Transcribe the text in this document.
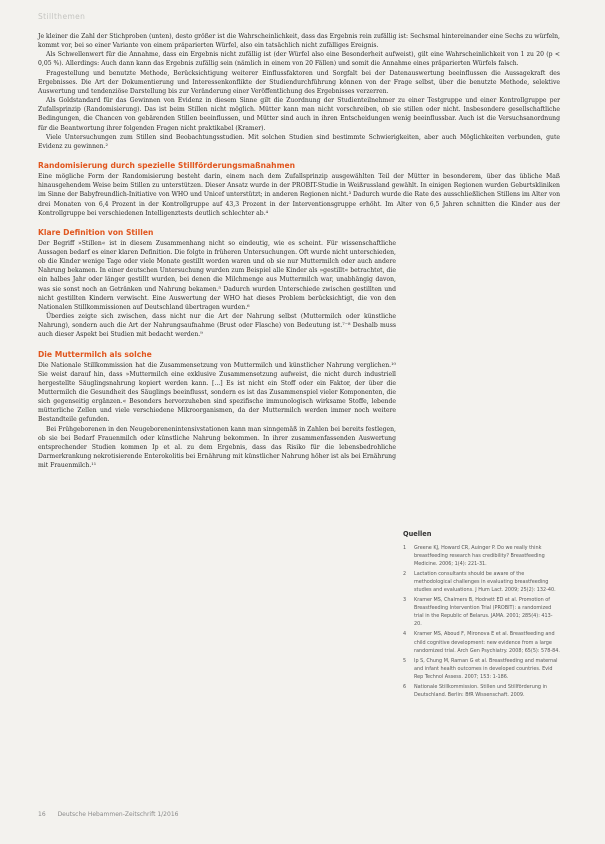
Stillthemen

Je kleiner die Zahl der Stichproben (unten), desto größer ist die Wahrscheinlichkeit, dass das Ergebnis rein zufällig ist: Sechsmal hintereinander eine Sechs zu würfeln, kommt vor, bei so einer Variante von einem präparierten Würfel, also ein tatsächlich nicht zufälliges Ereignis.

Als Schwellenwert für die Annahme, dass ein Ergebnis nicht zufällig ist (der Würfel also eine Besonderheit aufweist), gilt eine Wahrscheinlichkeit von 1 zu 20 (p < 0,05 %). Allerdings: Auch dann kann das Ergebnis zufällig sein (nämlich in einem von 20 Fällen) und somit die Annahme eines präparierten Würfels falsch.

Fragestellung und benutzte Methode, Berücksichtigung weiterer Einflussfaktoren und Sorgfalt bei der Datenauswertung beeinflussen die Aussagekraft des Ergebnisses. Die Art der Dokumentierung und Interessenkonflikte der Studiendurchführung können von der Frage selbst, über die benutzte Methode, selektive Auswertung und tendenziöse Darstellung bis zur Veränderung einer Veröffentlichung des Ergebnisses verzerren.

Als Goldstandard für das Gewinnen von Evidenz in diesem Sinne gilt die Zuordnung der Studienteilnehmer zu einer Testgruppe und einer Kontrollgruppe per Zufallsprinzip (Randomisierung). Das ist beim Stillen nicht möglich. Mütter kann man nicht vorschreiben, ob sie stillen oder nicht. Insbesondere gesellschaftliche Bedingungen, die Chancen von gebärenden Stillen beeinflussen, und Mütter sind auch in ihren Entscheidungen wenig beeinflussbar. Auch ist die Versuchsanordnung für die Beantwortung ihrer folgenden Fragen nicht praktikabel (Kramer).

Viele Untersuchungen zum Stillen sind Beobachtungsstudien. Mit solchen Studien sind bestimmte Schwierigkeiten, aber auch Möglichkeiten verbunden, gute Evidenz zu gewinnen.²

Randomisierung durch spezielle Stillförderungsmaßnahmen

Eine mögliche Form der Randomisierung besteht darin, einem nach dem Zufallsprinzip ausgewählten Teil der Mütter in besonderem, über das übliche Maß hinausgehendem Weise beim Stillen zu unterstützen. Dieser Ansatz wurde in der PROBIT-Studie in Weißrussland gewählt. In einigen Regionen wurden Geburtskliniken im Sinne der Babyfreundlich-Initiative von WHO und Unicef unterstützt; in anderen Regionen nicht.³ Dadurch wurde die Rate des ausschließlichen Stillens im Alter von drei Monaten von 6,4 Prozent in der Kontrollgruppe auf 43,3 Prozent in der Interventionsgruppe erhöht. Im Alter von 6,5 Jahren schnitten die Kinder aus der Kontrollgruppe bei verschiedenen Intelligenztests deutlich schlechter ab.⁴

Klare Definition von Stillen

Der Begriff »Stillen« ist in diesem Zusammenhang nicht so eindeutig, wie es scheint. Für wissenschaftliche Aussagen bedarf es einer klaren Definition. Die folgte in früheren Untersuchungen. Oft wurde nicht unterschieden, ob die Kinder wenige Tage oder viele Monate gestillt worden waren und ob sie nur Muttermilch oder auch andere Nahrung bekamen. In einer deutschen Untersuchung wurden zum Beispiel alle Kinder als »gestillt« betrachtet, die ein halbes Jahr oder länger gestillt wurden, bei denen die Milchmenge aus Muttermilch war, unabhängig davon, was sie sonst noch an Getränken und Nahrung bekamen.⁵ Dadurch wurden Unterschiede zwischen gestillten und nicht gestillten Kindern verwischt. Eine Auswertung der WHO hat dieses Problem berücksichtigt, die von den Nationalen Stillkommissionen auf Deutschland übertragen wurden.⁶

Überdies zeigte sich zwischen, dass nicht nur die Art der Nahrung selbst (Muttermilch oder künstliche Nahrung), sondern auch die Art der Nahrungsaufnahme (Brust oder Flasche) von Bedeutung ist.⁷⁻⁸ Deshalb muss auch dieser Aspekt bei Studien mit bedacht werden.⁹

Die Muttermilch als solche

Die Nationale Stillkommission hat die Zusammensetzung von Muttermilch und künstlicher Nahrung verglichen.¹⁰ Sie weist darauf hin, dass »Muttermilch eine exklusive Zusammensetzung aufweist, die nicht durch industriell hergestellte Säuglingsnahrung kopiert werden kann. [...] Es ist nicht ein Stoff oder ein Faktor, der über die Muttermilch die Gesundheit des Säuglings beeinflusst, sondern es ist das Zusammenspiel vieler Komponenten, die sich gegenseitig ergänzen.« Besonders hervorzuheben sind spezifische immunologisch wirksame Stoffe, lebende mütterliche Zellen und viele verschiedene Mikroorganismen, da der Muttermilch werden immer noch weitere Bestandteile gefunden.

Bei Frühgeborenen in den Neugeborenenintensivstationen kann man sinngemäß in Zahlen bei bereits festlegen, ob sie bei Bedarf Frauenmilch oder künstliche Nahrung bekommen. In ihrer zusammenfassenden Auswertung entsprechender Studien kommen Ip et al. zu dem Ergebnis, dass das Risiko für die lebensbedrohliche Darmerkrankung nekrotisierende Enterokolitis bei Ernährung mit künstlicher Nahrung höher ist als bei Ernährung mit Frauenmilch.¹¹

Quellen
1	Greene KJ, Howard CR, Auinger P. Do we really think breastfeeding research has credibility? Breastfeeding Medicine. 2006; 1(4): 221-31.
2	Lactation consultants should be aware of the methodological challenges in evaluating breastfeeding studies and evaluations. J Hum Lact. 2009; 25(2): 132-40.
3	Kramer MS, Chalmers B, Hodnett ED et al. Promotion of Breastfeeding Intervention Trial (PROBIT): a randomized trial in the Republic of Belarus. JAMA. 2001; 285(4): 413-20.
4	Kramer MS, Aboud F, Mironova E et al. Breastfeeding and child cognitive development: new evidence from a large randomized trial. Arch Gen Psychiatry. 2008; 65(5): 578-84.
5	Ip S, Chung M, Raman G et al. Breastfeeding and maternal and infant health outcomes in developed countries. Evid Rep Technol Assess. 2007; 153: 1-186.
6	Nationale Stillkommission. Stillen und Stillförderung in Deutschland. Berlin: BfR Wissenschaft. 2009.
16 Deutsche Hebammen-Zeitschrift 1/2016
